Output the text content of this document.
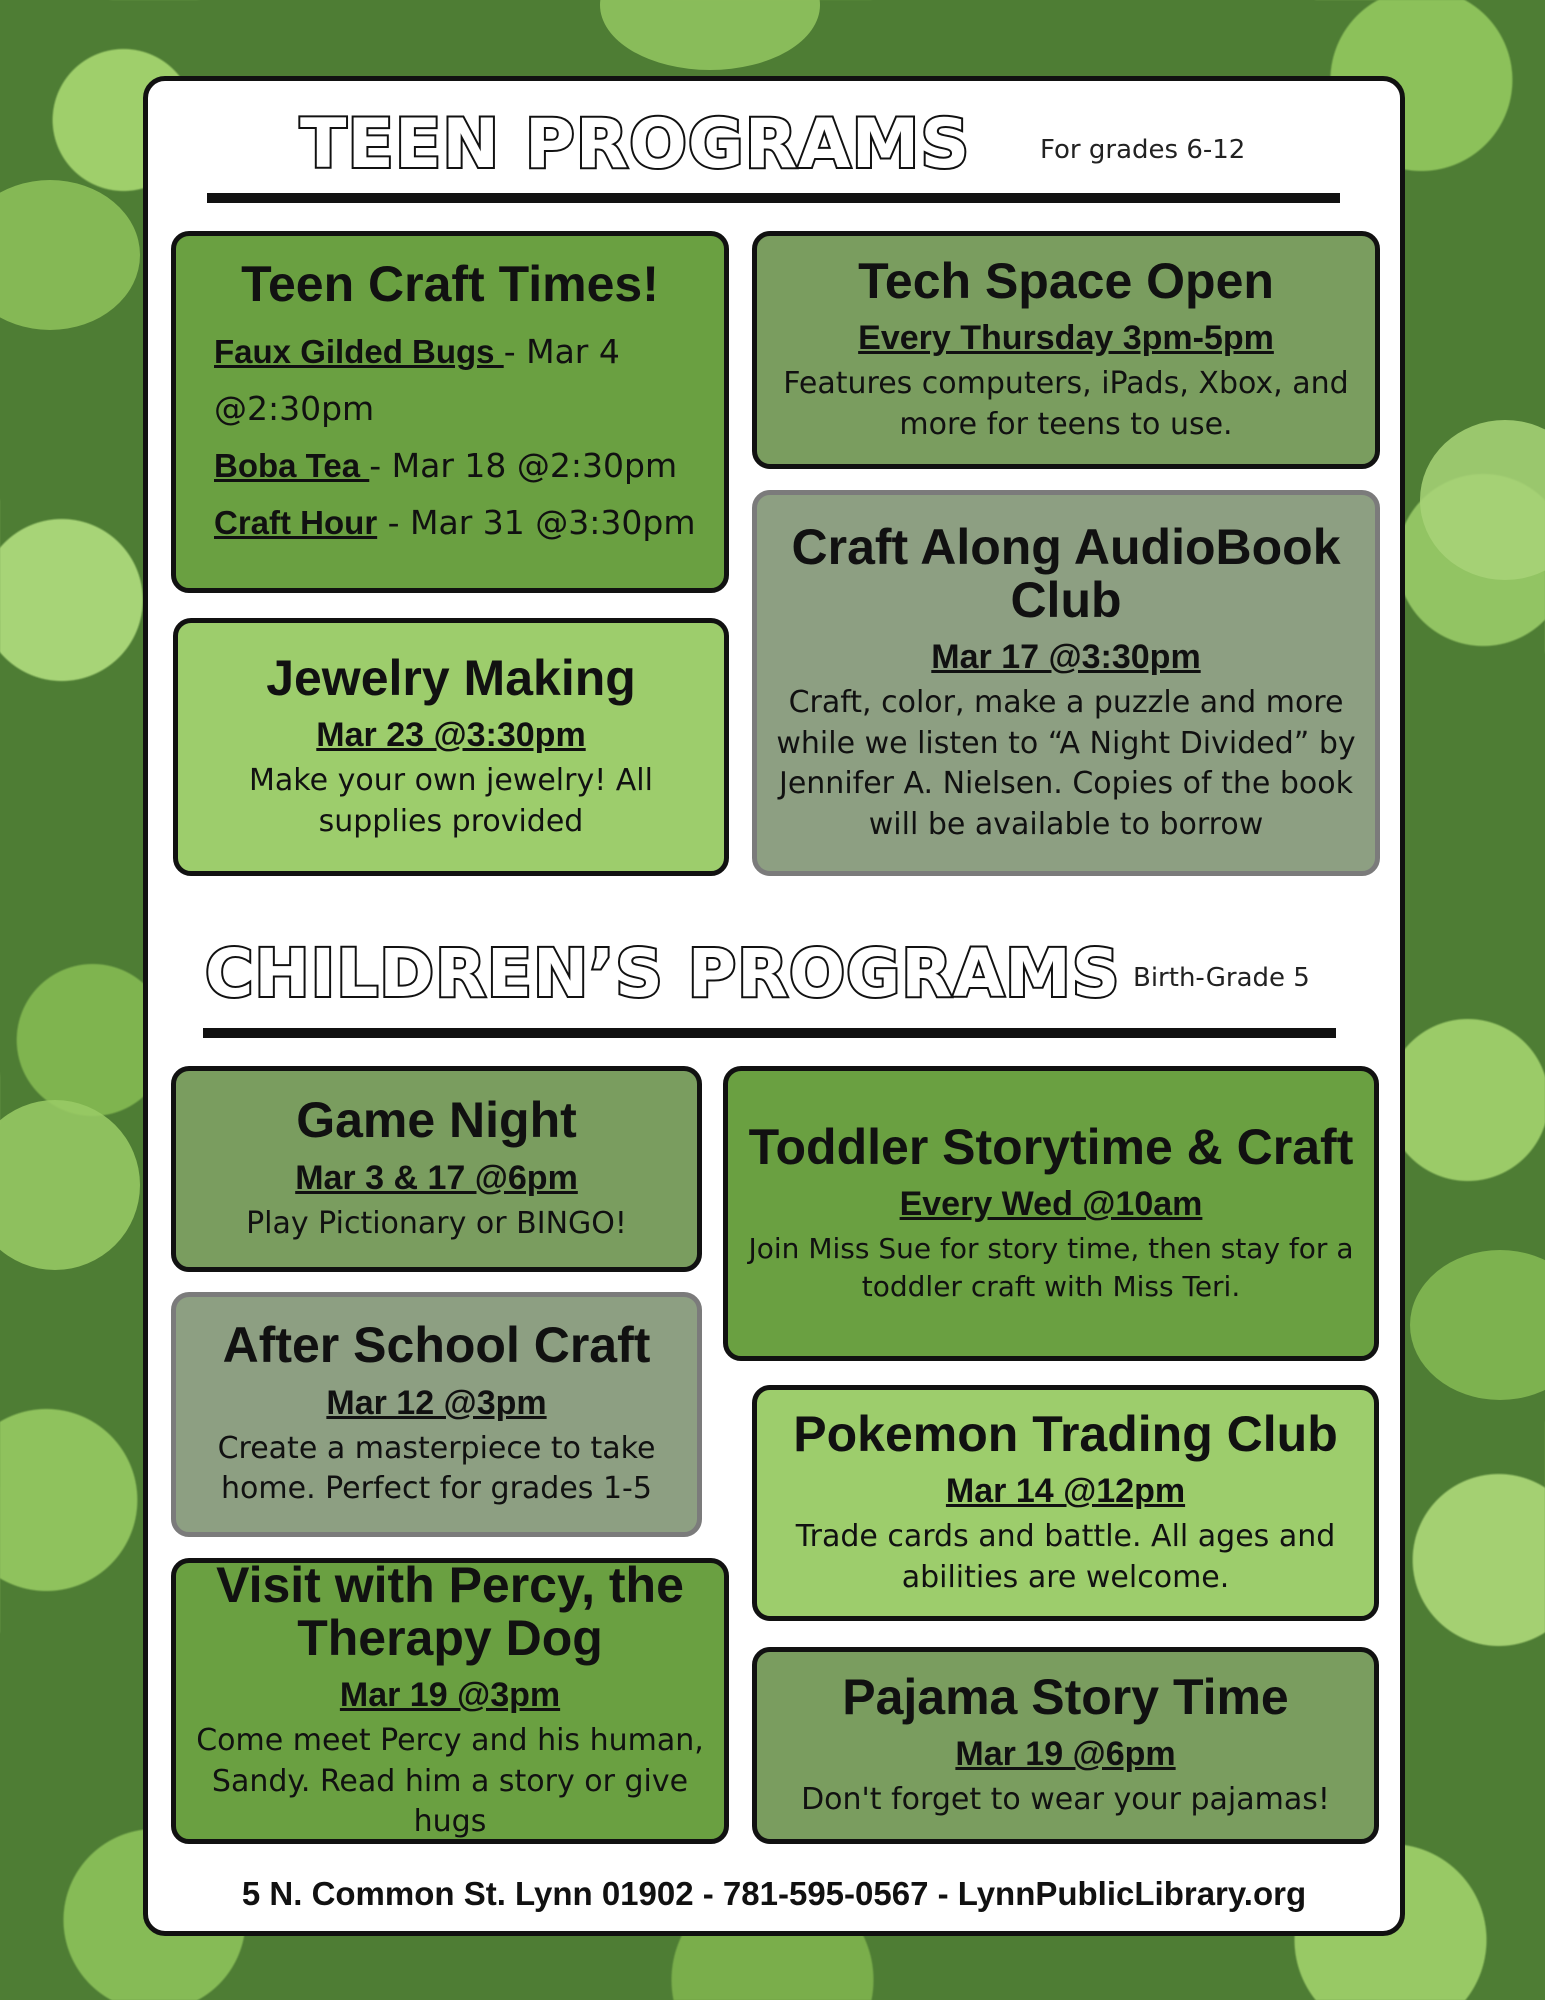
TEEN PROGRAMS	For grades 6-12
Teen Craft Times!
Faux Gilded Bugs - Mar 4 @2:30pm
Boba Tea - Mar 18 @2:30pm
Craft Hour - Mar 31 @3:30pm
Tech Space Open
Every Thursday 3pm-5pm
Features computers, iPads, Xbox, and more for teens to use.
Jewelry Making
Mar 23 @3:30pm
Make your own jewelry! All supplies provided
Craft Along AudioBook Club
Mar 17 @3:30pm
Craft, color, make a puzzle and more while we listen to “A Night Divided” by Jennifer A. Nielsen. Copies of the book will be available to borrow
CHILDREN’S PROGRAMS Birth-Grade 5
Game Night
Mar 3 & 17 @6pm
Play Pictionary or BINGO!
Toddler Storytime & Craft
Every Wed @10am
Join Miss Sue for story time, then stay for a toddler craft with Miss Teri.
After School Craft
Mar 12 @3pm
Create a masterpiece to take home. Perfect for grades 1-5
Pokemon Trading Club
Mar 14 @12pm
Trade cards and battle. All ages and abilities are welcome.
Visit with Percy, the Therapy Dog
Mar 19 @3pm
Come meet Percy and his human, Sandy. Read him a story or give hugs
Pajama Story Time
Mar 19 @6pm
Don't forget to wear your pajamas!
5 N. Common St. Lynn 01902 - 781-595-0567 - LynnPublicLibrary.org
